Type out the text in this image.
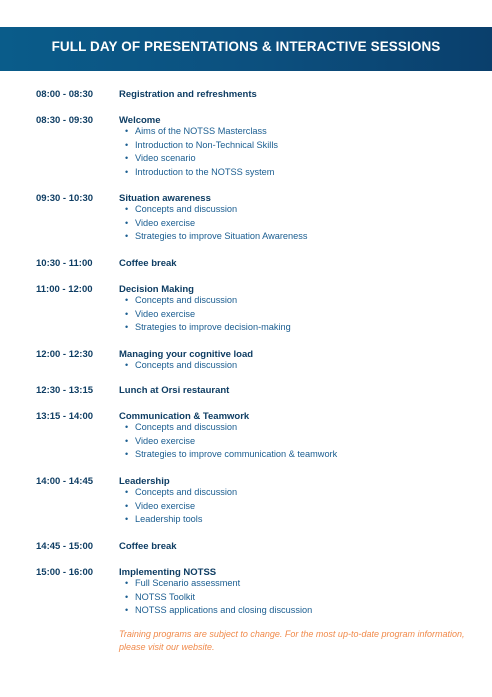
FULL DAY OF PRESENTATIONS & INTERACTIVE SESSIONS
08:00 - 08:30	Registration and refreshments
08:30 - 09:30	Welcome
• Aims of the NOTSS Masterclass
• Introduction to Non-Technical Skills
• Video scenario
• Introduction to the NOTSS system
09:30 - 10:30	Situation awareness
• Concepts and discussion
• Video exercise
• Strategies to improve Situation Awareness
10:30 - 11:00	Coffee break
11:00 - 12:00	Decision Making
• Concepts and discussion
• Video exercise
• Strategies to improve decision-making
12:00 - 12:30	Managing your cognitive load
• Concepts and discussion
12:30 - 13:15	Lunch at Orsi restaurant
13:15 - 14:00	Communication & Teamwork
• Concepts and discussion
• Video exercise
• Strategies to improve communication & teamwork
14:00 - 14:45	Leadership
• Concepts and discussion
• Video exercise
• Leadership tools
14:45 - 15:00	Coffee break
15:00 - 16:00	Implementing NOTSS
• Full Scenario assessment
• NOTSS Toolkit
• NOTSS applications and closing discussion
Training programs are subject to change. For the most up-to-date program information, please visit our website.
